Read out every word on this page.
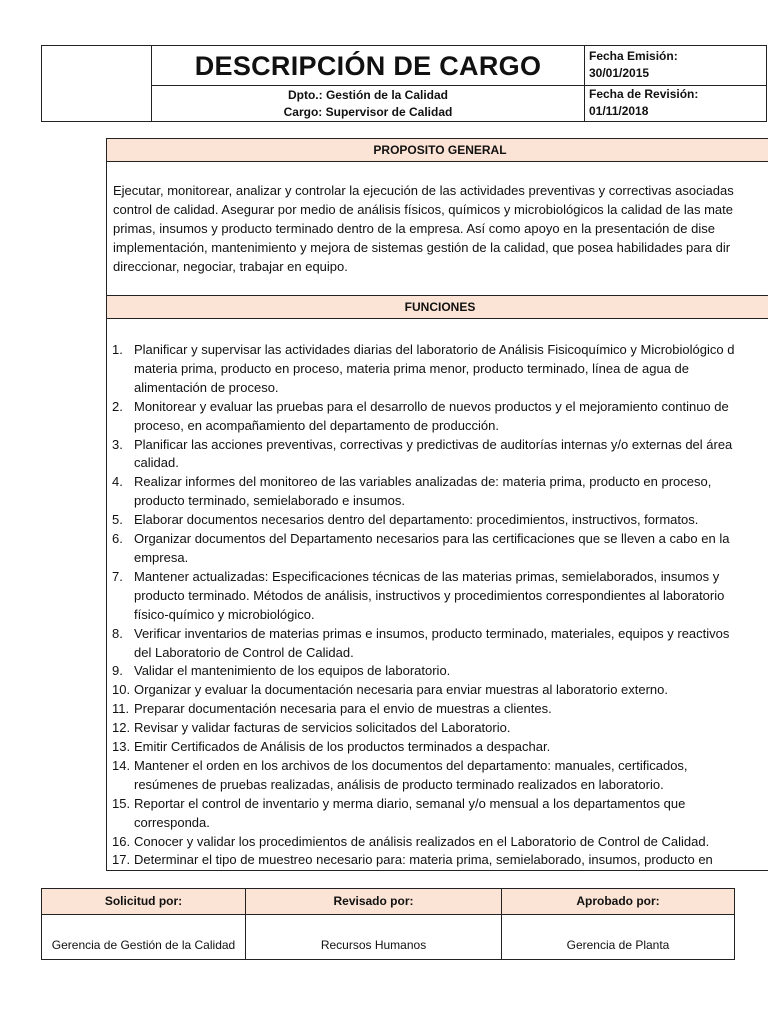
DESCRIPCIÓN DE CARGO
Dpto.: Gestión de la Calidad
Cargo: Supervisor de Calidad
Fecha Emisión:
30/01/2015
Fecha de Revisión:
01/11/2018
PROPOSITO GENERAL
Ejecutar, monitorear, analizar y controlar la ejecución de las actividades preventivas y correctivas asociadas
control de calidad. Asegurar por medio de análisis físicos, químicos y microbiológicos la calidad de las mate
primas, insumos y producto terminado dentro de la empresa. Así como apoyo en la presentación de dise
implementación, mantenimiento y mejora de sistemas gestión de la calidad, que posea habilidades para dir
direccionar, negociar, trabajar en equipo.
FUNCIONES
1. Planificar y supervisar las actividades diarias del laboratorio de Análisis Fisicoquímico y Microbiológico d
materia prima, producto en proceso, materia prima menor, producto terminado, línea de agua de
alimentación de proceso.
2. Monitorear y evaluar las pruebas para el desarrollo de nuevos productos y el mejoramiento continuo de
proceso, en acompañamiento del departamento de producción.
3. Planificar las acciones preventivas, correctivas y predictivas de auditorías internas y/o externas del área
calidad.
4. Realizar informes del monitoreo de las variables analizadas de: materia prima, producto en proceso,
producto terminado, semielaborado e insumos.
5. Elaborar documentos necesarios dentro del departamento: procedimientos, instructivos, formatos.
6. Organizar documentos del Departamento necesarios para las certificaciones que se lleven a cabo en la
empresa.
7. Mantener actualizadas: Especificaciones técnicas de las materias primas, semielaborados, insumos y
producto terminado. Métodos de análisis, instructivos y procedimientos correspondientes al laboratorio
físico-químico y microbiológico.
8. Verificar inventarios de materias primas e insumos, producto terminado, materiales, equipos y reactivos
del Laboratorio de Control de Calidad.
9. Validar el mantenimiento de los equipos de laboratorio.
10. Organizar y evaluar la documentación necesaria para enviar muestras al laboratorio externo.
11. Preparar documentación necesaria para el envio de muestras a clientes.
12. Revisar y validar facturas de servicios solicitados del Laboratorio.
13. Emitir Certificados de Análisis de los productos terminados a despachar.
14. Mantener el orden en los archivos de los documentos del departamento: manuales, certificados,
resúmenes de pruebas realizadas, análisis de producto terminado realizados en laboratorio.
15. Reportar el control de inventario y merma diario, semanal y/o mensual a los departamentos que
corresponda.
16. Conocer y validar los procedimientos de análisis realizados en el Laboratorio de Control de Calidad.
17. Determinar el tipo de muestreo necesario para: materia prima, semielaborado, insumos, producto en
Solicitud por:	Revisado por:	Aprobado por:
Gerencia de Gestión de la Calidad	Recursos Humanos	Gerencia de Planta
